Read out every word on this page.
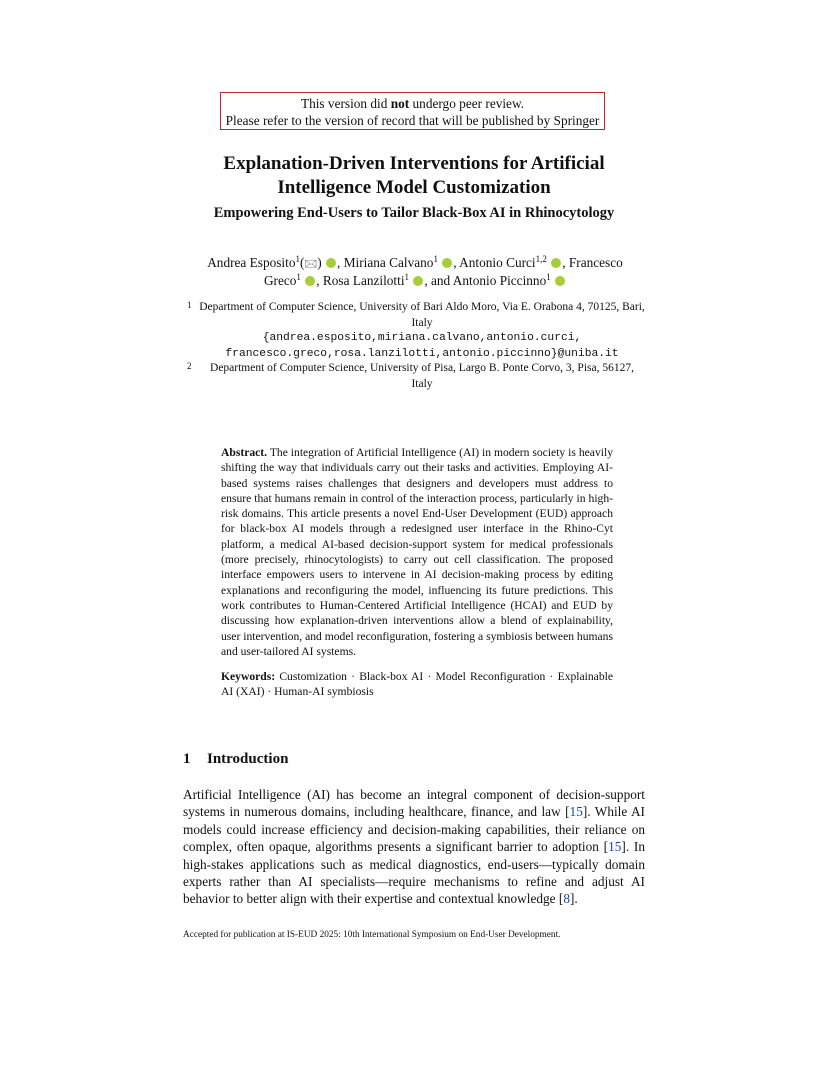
This version did not undergo peer review.
Please refer to the version of record that will be published by Springer
Explanation-Driven Interventions for Artificial
Intelligence Model Customization
Empowering End-Users to Tailor Black-Box AI in Rhinocytology
Andrea Esposito$^1$(🖂) , Miriana Calvano$^1$ , Antonio Curci$^{1,2}$ , Francesco Greco$^1$ , Rosa Lanzilotti$^1$ , and Antonio Piccinno$^1$
1 Department of Computer Science, University of Bari Aldo Moro, Via E. Orabona 4, 70125, Bari, Italy
{andrea.esposito,miriana.calvano,antonio.curci,
francesco.greco,rosa.lanzilotti,antonio.piccinno}@uniba.it
2	Department of Computer Science, University of Pisa, Largo B. Ponte Corvo, 3, Pisa, 56127, Italy
Abstract. The integration of Artificial Intelligence (AI) in modern society is heavily shifting the way that individuals carry out their tasks and activities. Employing AI-based systems raises challenges that designers and developers must address to ensure that humans remain in control of the interaction process, particularly in high-risk domains. This article presents a novel End-User Development (EUD) approach for black-box AI models through a redesigned user interface in the Rhino-Cyt platform, a medical AI-based decision-support system for medical professionals (more precisely, rhinocytologists) to carry out cell classification. The proposed interface empowers users to intervene in AI decision-making process by editing explanations and reconfiguring the model, influencing its future predictions. This work contributes to Human-Centered Artificial Intelligence (HCAI) and EUD by discussing how explanation-driven interventions allow a blend of explainability, user intervention, and model reconfiguration, fostering a symbiosis between humans and user-tailored AI systems.
Keywords: Customization · Black-box AI · Model Reconfiguration · Explainable AI (XAI) · Human-AI symbiosis
1 Introduction
Artificial Intelligence (AI) has become an integral component of decision-support systems in numerous domains, including healthcare, finance, and law [15]. While AI models could increase efficiency and decision-making capabilities, their reliance on complex, often opaque, algorithms presents a significant barrier to adoption [15]. In high-stakes applications such as medical diagnostics, end-users—typically domain experts rather than AI specialists—require mechanisms to refine and adjust AI behavior to better align with their expertise and contextual knowledge [8].
Accepted for publication at IS-EUD 2025: 10th International Symposium on End-User Development.
